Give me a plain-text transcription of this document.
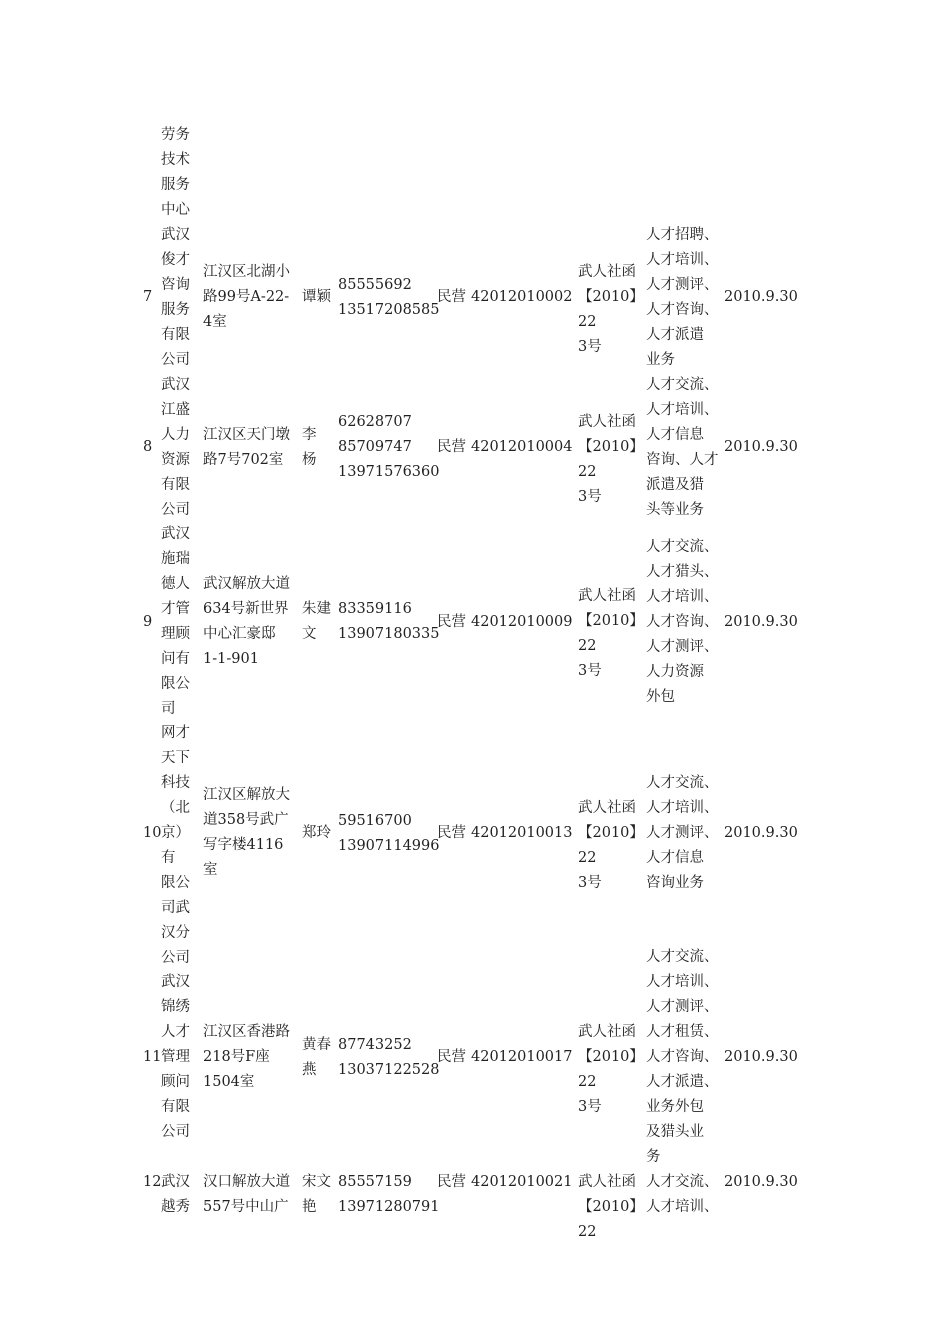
劳务
技术
服务
中心
7
武汉
俊才
咨询
服务
有限
公司
江汉区北湖小
路99号A-22-
4室
谭颖
85555692
13517208585
民营 42012010002
武人社函
【2010】22
3号
人才招聘、
人才培训、
人才测评、
人才咨询、
人才派遣
业务
2010.9.30
8
武汉
江盛
人力
资源
有限
公司
江汉区天门墩
路7号702室
李
杨
62628707
85709747
13971576360
民营 42012010004
武人社函
【2010】22
3号
人才交流、
人才培训、
人才信息
咨询、人才
派遣及猎
头等业务
2010.9.30
9
武汉
施瑞
德人
才管
理顾
问有
限公
司
武汉解放大道
634号新世界
中心汇豪邸
1-1-901
朱建
文
83359116
13907180335
民营 42012010009
武人社函
【2010】22
3号
人才交流、
人才猎头、
人才培训、
人才咨询、
人才测评、
人力资源
外包
2010.9.30
10
网才
天下
科技
（北
京）有
限公
司武
汉分
公司
江汉区解放大
道358号武广
写字楼4116
室
郑玲
59516700
13907114996
民营 42012010013
武人社函
【2010】22
3号
人才交流、
人才培训、
人才测评、
人才信息
咨询业务
2010.9.30
11
武汉
锦绣
人才
管理
顾问
有限
公司
江汉区香港路
218号F座
1504室
黄春
燕
87743252
13037122528
民营 42012010017
武人社函
【2010】22
3号
人才交流、
人才培训、
人才测评、
人才租赁、
人才咨询、
人才派遣、
业务外包
及猎头业
务
2010.9.30
12 武汉
越秀
汉口解放大道
557号中山广
宋文
艳
85557159
13971280791
民营 42012010021 武人社函
【2010】22
人才交流、
人才培训、
2010.9.30
